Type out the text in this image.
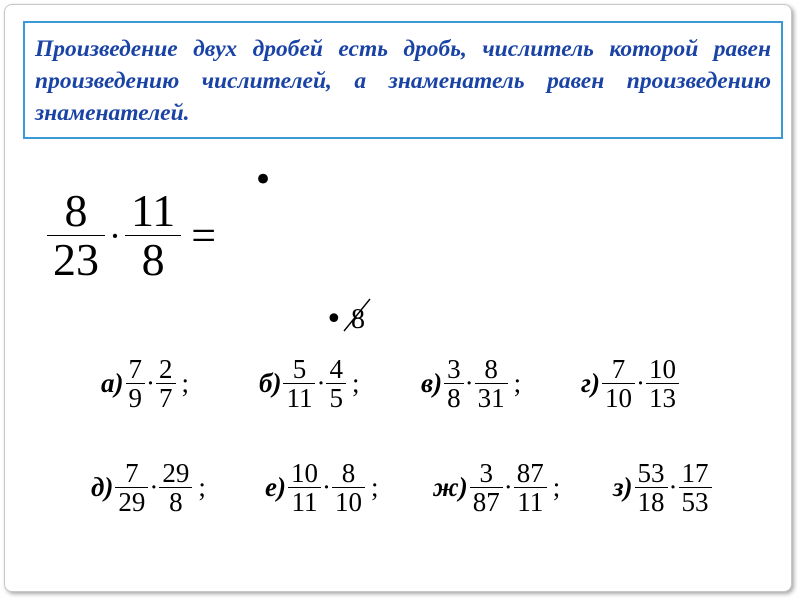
Произведение двух дробей есть дробь, числитель которой равен произведению числителей, а знаменатель равен произведению знаменателей.
$\frac{8}{23} \cdot \frac{11}{8}$ =
•
• 8
$а) \frac{7}{9} \cdot \frac{2}{7}$ ;	$б) \frac{5}{11} \cdot \frac{4}{5}$ ; $в) \frac{3}{8} \cdot \frac{8}{31}$ ; $г) \frac{7}{10} \cdot \frac{10}{13}$
$д) \frac{7}{29} \cdot \frac{29}{8}$ ; $е) \frac{10}{11} \cdot \frac{8}{10}$ ; $ж) \frac{3}{87} \cdot \frac{87}{11}$ ; $з) \frac{53}{18} \cdot \frac{17}{53}$
